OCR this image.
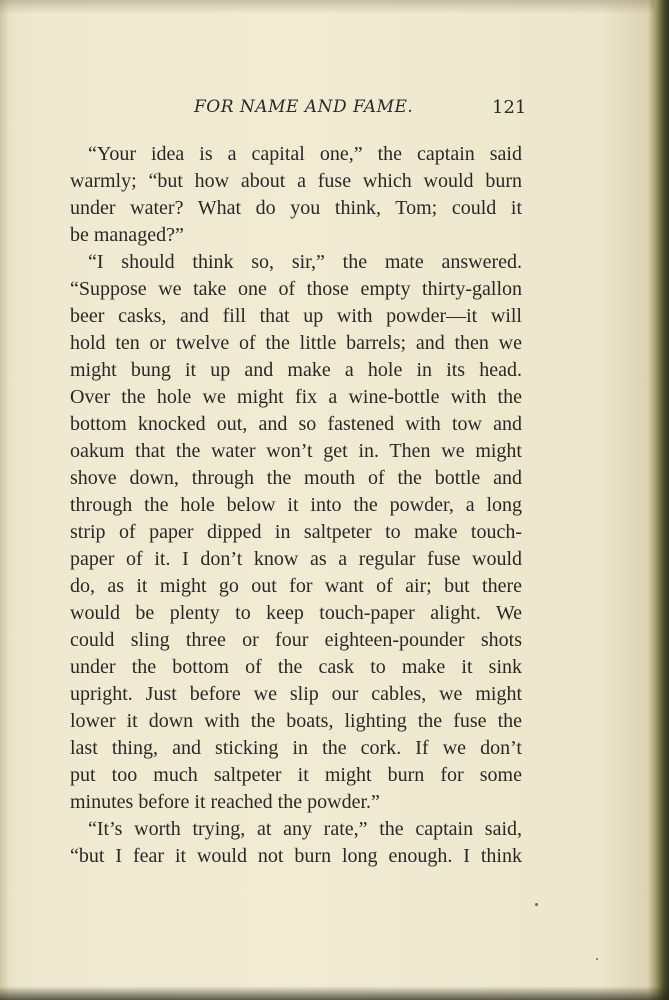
FOR NAME AND FAME.	121
“Your idea is a capital one,” the captain said
warmly; “but how about a fuse which would burn
under water? What do you think, Tom; could it
be managed?”
“I should think so, sir,” the mate answered.
“Suppose we take one of those empty thirty-gallon
beer casks, and fill that up with powder—it will
hold ten or twelve of the little barrels; and then we
might bung it up and make a hole in its head.
Over the hole we might fix a wine-bottle with the
bottom knocked out, and so fastened with tow and
oakum that the water won’t get in. Then we might
shove down, through the mouth of the bottle and
through the hole below it into the powder, a long
strip of paper dipped in saltpeter to make touch-
paper of it. I don’t know as a regular fuse would
do, as it might go out for want of air; but there
would be plenty to keep touch-paper alight. We
could sling three or four eighteen-pounder shots
under the bottom of the cask to make it sink
upright. Just before we slip our cables, we might
lower it down with the boats, lighting the fuse the
last thing, and sticking in the cork. If we don’t
put too much saltpeter it might burn for some
minutes before it reached the powder.”
“It’s worth trying, at any rate,” the captain said,
“but I fear it would not burn long enough. I think
